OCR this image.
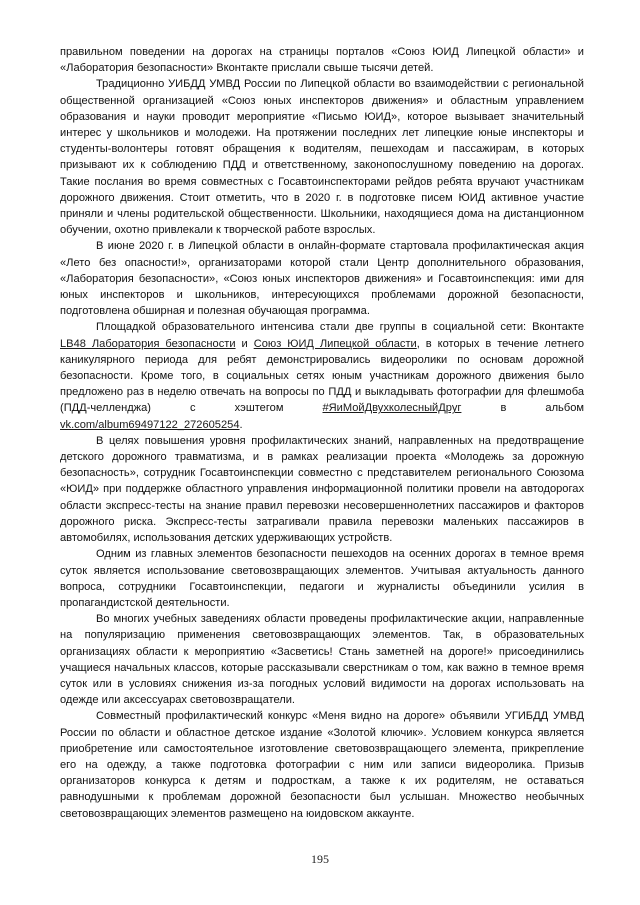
правильном поведении на дорогах на страницы порталов «Союз ЮИД Липецкой области» и «Лаборатория безопасности» Вконтакте прислали свыше тысячи детей.

Традиционно УИБДД УМВД России по Липецкой области во взаимодействии с региональной общественной организацией «Союз юных инспекторов движения» и областным управлением образования и науки проводит мероприятие «Письмо ЮИД», которое вызывает значительный интерес у школьников и молодежи. На протяжении последних лет липецкие юные инспекторы и студенты-волонтеры готовят обращения к водителям, пешеходам и пассажирам, в которых призывают их к соблюдению ПДД и ответственному, законопослушному поведению на дорогах. Такие послания во время совместных с Госавтоинспекторами рейдов ребята вручают участникам дорожного движения. Стоит отметить, что в 2020 г. в подготовке писем ЮИД активное участие приняли и члены родительской общественности. Школьники, находящиеся дома на дистанционном обучении, охотно привлекали к творческой работе взрослых.

В июне 2020 г. в Липецкой области в онлайн-формате стартовала профилактическая акция «Лето без опасности!», организаторами которой стали Центр дополнительного образования, «Лаборатория безопасности», «Союз юных инспекторов движения» и Госавтоинспекция: ими для юных инспекторов и школьников, интересующихся проблемами дорожной безопасности, подготовлена обширная и полезная обучающая программа.

Площадкой образовательного интенсива стали две группы в социальной сети: Вконтакте LB48 Лаборатория безопасности и Союз ЮИД Липецкой области, в которых в течение летнего каникулярного периода для ребят демонстрировались видеоролики по основам дорожной безопасности. Кроме того, в социальных сетях юным участникам дорожного движения было предложено раз в неделю отвечать на вопросы по ПДД и выкладывать фотографии для флешмоба (ПДД-челленджа) с хэштегом #ЯиМойДвухколесныйДруг в альбом vk.com/album69497122_272605254.

В целях повышения уровня профилактических знаний, направленных на предотвращение детского дорожного травматизма, и в рамках реализации проекта «Молодежь за дорожную безопасность», сотрудник Госавтоинспекции совместно с представителем регионального Союзома «ЮИД» при поддержке областного управления информационной политики провели на автодорогах области экспресс-тесты на знание правил перевозки несовершеннолетних пассажиров и факторов дорожного риска. Экспресс-тесты затрагивали правила перевозки маленьких пассажиров в автомобилях, использования детских удерживающих устройств.

Одним из главных элементов безопасности пешеходов на осенних дорогах в темное время суток является использование световозвращающих элементов. Учитывая актуальность данного вопроса, сотрудники Госавтоинспекции, педагоги и журналисты объединили усилия в пропагандистской деятельности.

Во многих учебных заведениях области проведены профилактические акции, направленные на популяризацию применения световозвращающих элементов. Так, в образовательных организациях области к мероприятию «Засветись! Стань заметней на дороге!» присоединились учащиеся начальных классов, которые рассказывали сверстникам о том, как важно в темное время суток или в условиях снижения из-за погодных условий видимости на дорогах использовать на одежде или аксессуарах световозвращатели.

Совместный профилактический конкурс «Меня видно на дороге» объявили УГИБДД УМВД России по области и областное детское издание «Золотой ключик». Условием конкурса является приобретение или самостоятельное изготовление световозвращающего элемента, прикрепление его на одежду, а также подготовка фотографии с ним или записи видеоролика. Призыв организаторов конкурса к детям и подросткам, а также к их родителям, не оставаться равнодушными к проблемам дорожной безопасности был услышан. Множество необычных световозвращающих элементов размещено на юидовском аккаунте.

195
